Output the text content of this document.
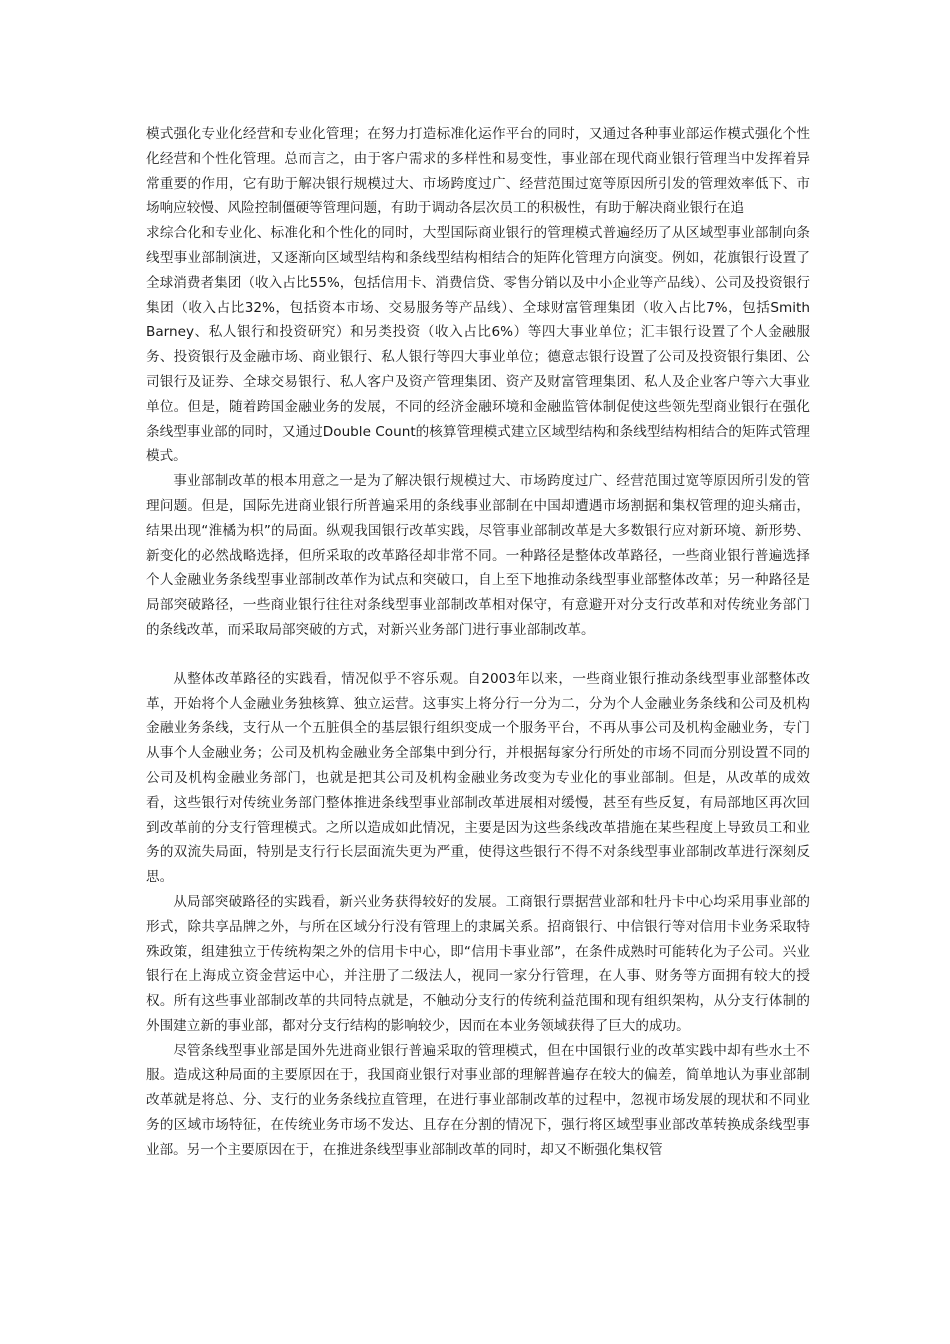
模式强化专业化经营和专业化管理；在努力打造标准化运作平台的同时，又通过各种事业部运作模式强化个性化经营和个性化管理。总而言之，由于客户需求的多样性和易变性，事业部在现代商业银行管理当中发挥着异常重要的作用，它有助于解决银行规模过大、市场跨度过广、经营范围过宽等原因所引发的管理效率低下、市场响应较慢、风险控制僵硬等管理问题，有助于调动各层次员工的积极性，有助于解决商业银行在追

求综合化和专业化、标准化和个性化的同时，大型国际商业银行的管理模式普遍经历了从区域型事业部制向条线型事业部制演进，又逐渐向区域型结构和条线型结构相结合的矩阵化管理方向演变。例如，花旗银行设置了全球消费者集团（收入占比55%，包括信用卡、消费信贷、零售分销以及中小企业等产品线）、公司及投资银行集团（收入占比32%，包括资本市场、交易服务等产品线）、全球财富管理集团（收入占比7%，包括Smith Barney、私人银行和投资研究）和另类投资（收入占比6%）等四大事业单位；汇丰银行设置了个人金融服务、投资银行及金融市场、商业银行、私人银行等四大事业单位；德意志银行设置了公司及投资银行集团、公司银行及证券、全球交易银行、私人客户及资产管理集团、资产及财富管理集团、私人及企业客户等六大事业单位。但是，随着跨国金融业务的发展，不同的经济金融环境和金融监管体制促使这些领先型商业银行在强化条线型事业部的同时，又通过Double Count的核算管理模式建立区域型结构和条线型结构相结合的矩阵式管理模式。

事业部制改革的根本用意之一是为了解决银行规模过大、市场跨度过广、经营范围过宽等原因所引发的管理问题。但是，国际先进商业银行所普遍采用的条线事业部制在中国却遭遇市场割据和集权管理的迎头痛击，结果出现“淮橘为枳”的局面。纵观我国银行改革实践，尽管事业部制改革是大多数银行应对新环境、新形势、新变化的必然战略选择，但所采取的改革路径却非常不同。一种路径是整体改革路径，一些商业银行普遍选择个人金融业务条线型事业部制改革作为试点和突破口，自上至下地推动条线型事业部整体改革；另一种路径是局部突破路径，一些商业银行往往对条线型事业部制改革相对保守，有意避开对分支行改革和对传统业务部门的条线改革，而采取局部突破的方式，对新兴业务部门进行事业部制改革。

从整体改革路径的实践看，情况似乎不容乐观。自2003年以来，一些商业银行推动条线型事业部整体改革，开始将个人金融业务独核算、独立运营。这事实上将分行一分为二，分为个人金融业务条线和公司及机构金融业务条线，支行从一个五脏俱全的基层银行组织变成一个服务平台，不再从事公司及机构金融业务，专门从事个人金融业务；公司及机构金融业务全部集中到分行，并根据每家分行所处的市场不同而分别设置不同的公司及机构金融业务部门，也就是把其公司及机构金融业务改变为专业化的事业部制。但是，从改革的成效看，这些银行对传统业务部门整体推进条线型事业部制改革进展相对缓慢，甚至有些反复，有局部地区再次回到改革前的分支行管理模式。之所以造成如此情况，主要是因为这些条线改革措施在某些程度上导致员工和业务的双流失局面，特别是支行行长层面流失更为严重，使得这些银行不得不对条线型事业部制改革进行深刻反思。

从局部突破路径的实践看，新兴业务获得较好的发展。工商银行票据营业部和牡丹卡中心均采用事业部的形式，除共享品牌之外，与所在区域分行没有管理上的隶属关系。招商银行、中信银行等对信用卡业务采取特殊政策，组建独立于传统构架之外的信用卡中心，即“信用卡事业部”，在条件成熟时可能转化为子公司。兴业银行在上海成立资金营运中心，并注册了二级法人，视同一家分行管理，在人事、财务等方面拥有较大的授权。所有这些事业部制改革的共同特点就是，不触动分支行的传统利益范围和现有组织架构，从分支行体制的外围建立新的事业部，都对分支行结构的影响较少，因而在本业务领域获得了巨大的成功。

尽管条线型事业部是国外先进商业银行普遍采取的管理模式，但在中国银行业的改革实践中却有些水土不服。造成这种局面的主要原因在于，我国商业银行对事业部的理解普遍存在较大的偏差，简单地认为事业部制改革就是将总、分、支行的业务条线拉直管理，在进行事业部制改革的过程中，忽视市场发展的现状和不同业务的区域市场特征，在传统业务市场不发达、且存在分割的情况下，强行将区域型事业部改革转换成条线型事业部。另一个主要原因在于，在推进条线型事业部制改革的同时，却又不断强化集权管
